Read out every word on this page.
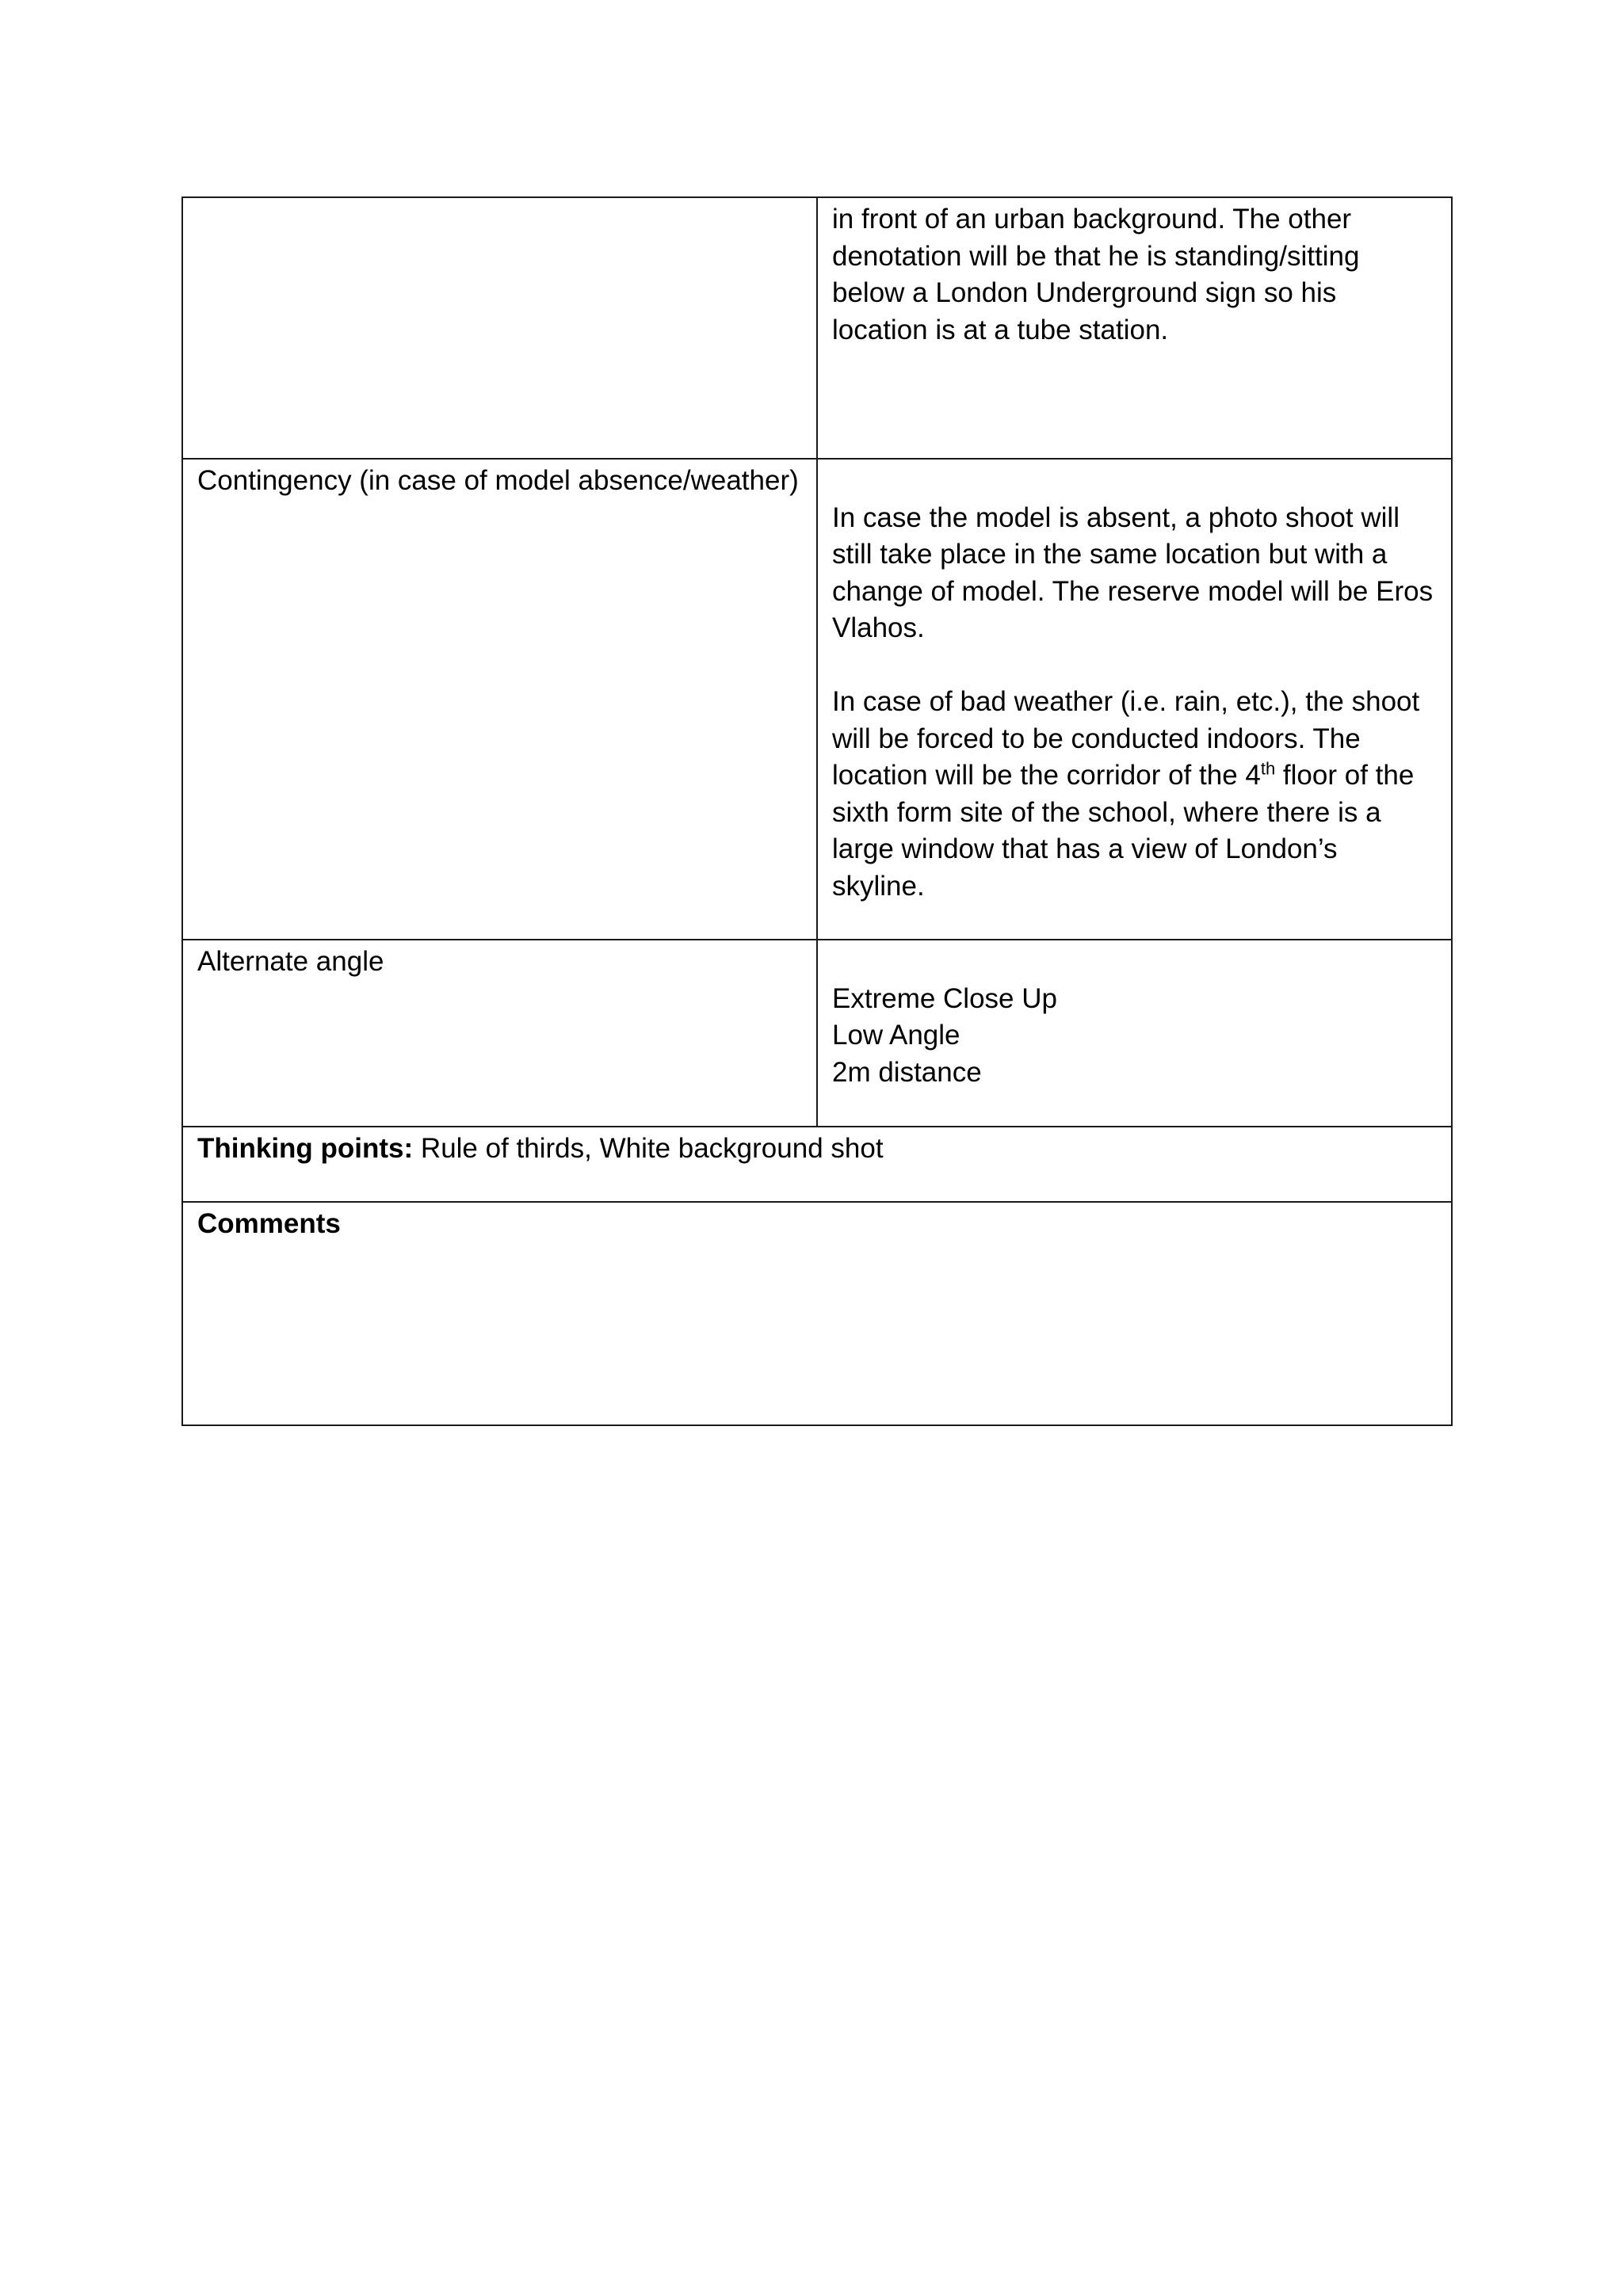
	in front of an urban background. The other denotation will be that he is standing/sitting below a London Underground sign so his location is at a tube station.

Contingency (in case of model absence/weather)	In case the model is absent, a photo shoot will still take place in the same location but with a change of model. The reserve model will be Eros Vlahos.
In case of bad weather (i.e. rain, etc.), the shoot will be forced to be conducted indoors. The location will be the corridor of the 4th floor of the sixth form site of the school, where there is a large window that has a view of London’s skyline.

Alternate angle	Extreme Close Up
Low Angle
2m distance

Thinking points: Rule of thirds, White background shot	

Comments	
